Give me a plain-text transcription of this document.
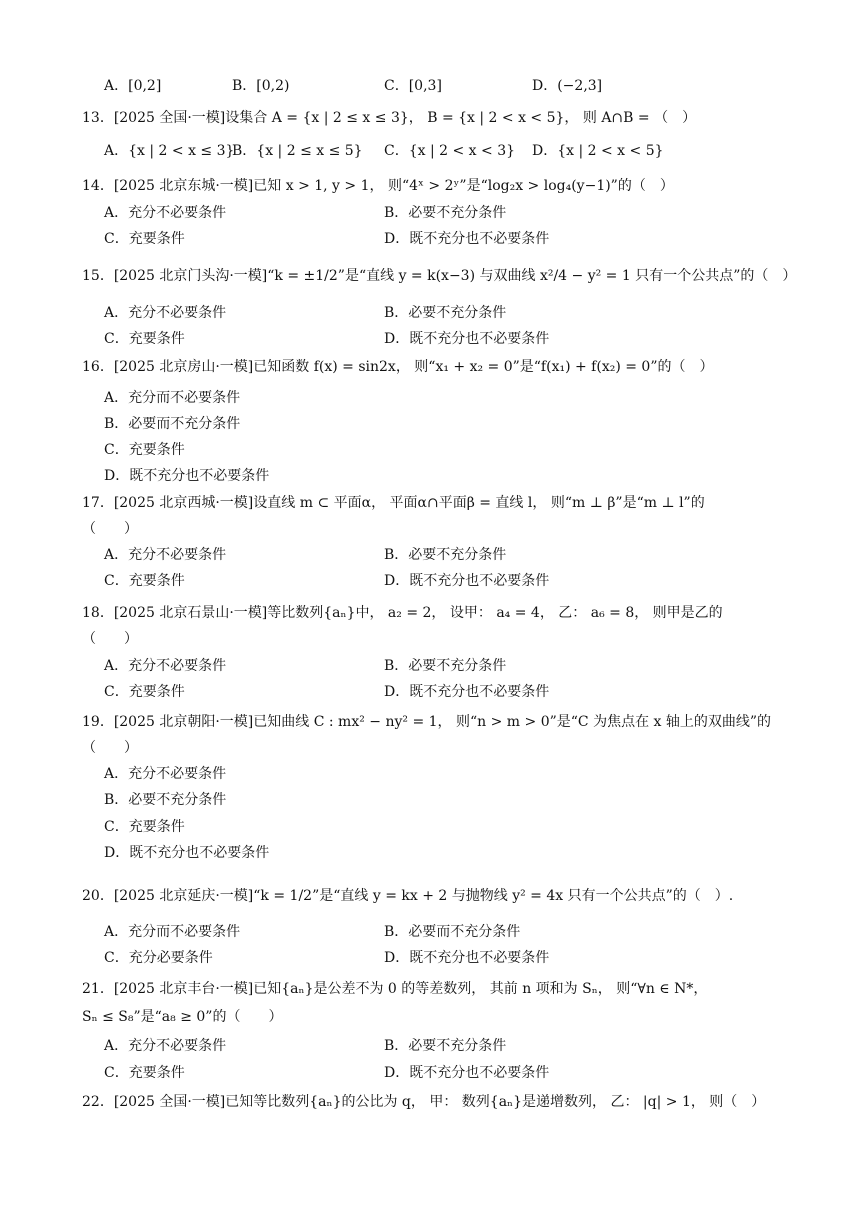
A．[0,2]	B．[0,2)	C．[0,3]	D．(−2,3]
13．[2025 全国·一模]设集合 A = {x | 2 ≤ x ≤ 3}， B = {x | 2 < x < 5}， 则 A∩B = （　）
A．{x | 2 < x ≤ 3}
B．{x | 2 ≤ x ≤ 5} C．{x | 2 < x < 3} D．{x | 2 < x < 5}
14．[2025 北京东城·一模]已知 x > 1, y > 1， 则“4ˣ > 2ʸ”是“log₂x > log₄(y−1)”的（　）
A．充分不必要条件	B．必要不充分条件
C．充要条件	D．既不充分也不必要条件
15．[2025 北京门头沟·一模]“k = ±1/2”是“直线 y = k(x−3) 与双曲线 x²/4 − y² = 1 只有一个公共点”的（　）
A．充分不必要条件	B．必要不充分条件
C．充要条件	D．既不充分也不必要条件
16．[2025 北京房山·一模]已知函数 f(x) = sin2x， 则“x₁ + x₂ = 0”是“f(x₁) + f(x₂) = 0”的（　）
A．充分而不必要条件
B．必要而不充分条件
C．充要条件
D．既不充分也不必要条件
17．[2025 北京西城·一模]设直线 m ⊂ 平面α， 平面α∩平面β = 直线 l， 则“m ⊥ β”是“m ⊥ l”的
（　　）
A．充分不必要条件	B．必要不充分条件
C．充要条件	D．既不充分也不必要条件
18．[2025 北京石景山·一模]等比数列{aₙ}中， a₂ = 2， 设甲： a₄ = 4， 乙： a₆ = 8， 则甲是乙的
（　　）
A．充分不必要条件	B．必要不充分条件
C．充要条件	D．既不充分也不必要条件
19．[2025 北京朝阳·一模]已知曲线 C : mx² − ny² = 1， 则“n > m > 0”是“C 为焦点在 x 轴上的双曲线”的
（　　）
A．充分不必要条件
B．必要不充分条件
C．充要条件
D．既不充分也不必要条件
20．[2025 北京延庆·一模]“k = 1/2”是“直线 y = kx + 2 与抛物线 y² = 4x 只有一个公共点”的（　）.
A．充分而不必要条件	B．必要而不充分条件
C．充分必要条件	D．既不充分也不必要条件
21．[2025 北京丰台·一模]已知{aₙ}是公差不为 0 的等差数列， 其前 n 项和为 Sₙ， 则“∀n ∈ N*，
Sₙ ≤ S₈”是“a₈ ≥ 0”的（　　）
A．充分不必要条件	B．必要不充分条件
C．充要条件	D．既不充分也不必要条件
22．[2025 全国·一模]已知等比数列{aₙ}的公比为 q， 甲： 数列{aₙ}是递增数列， 乙： |q| > 1， 则（　）
